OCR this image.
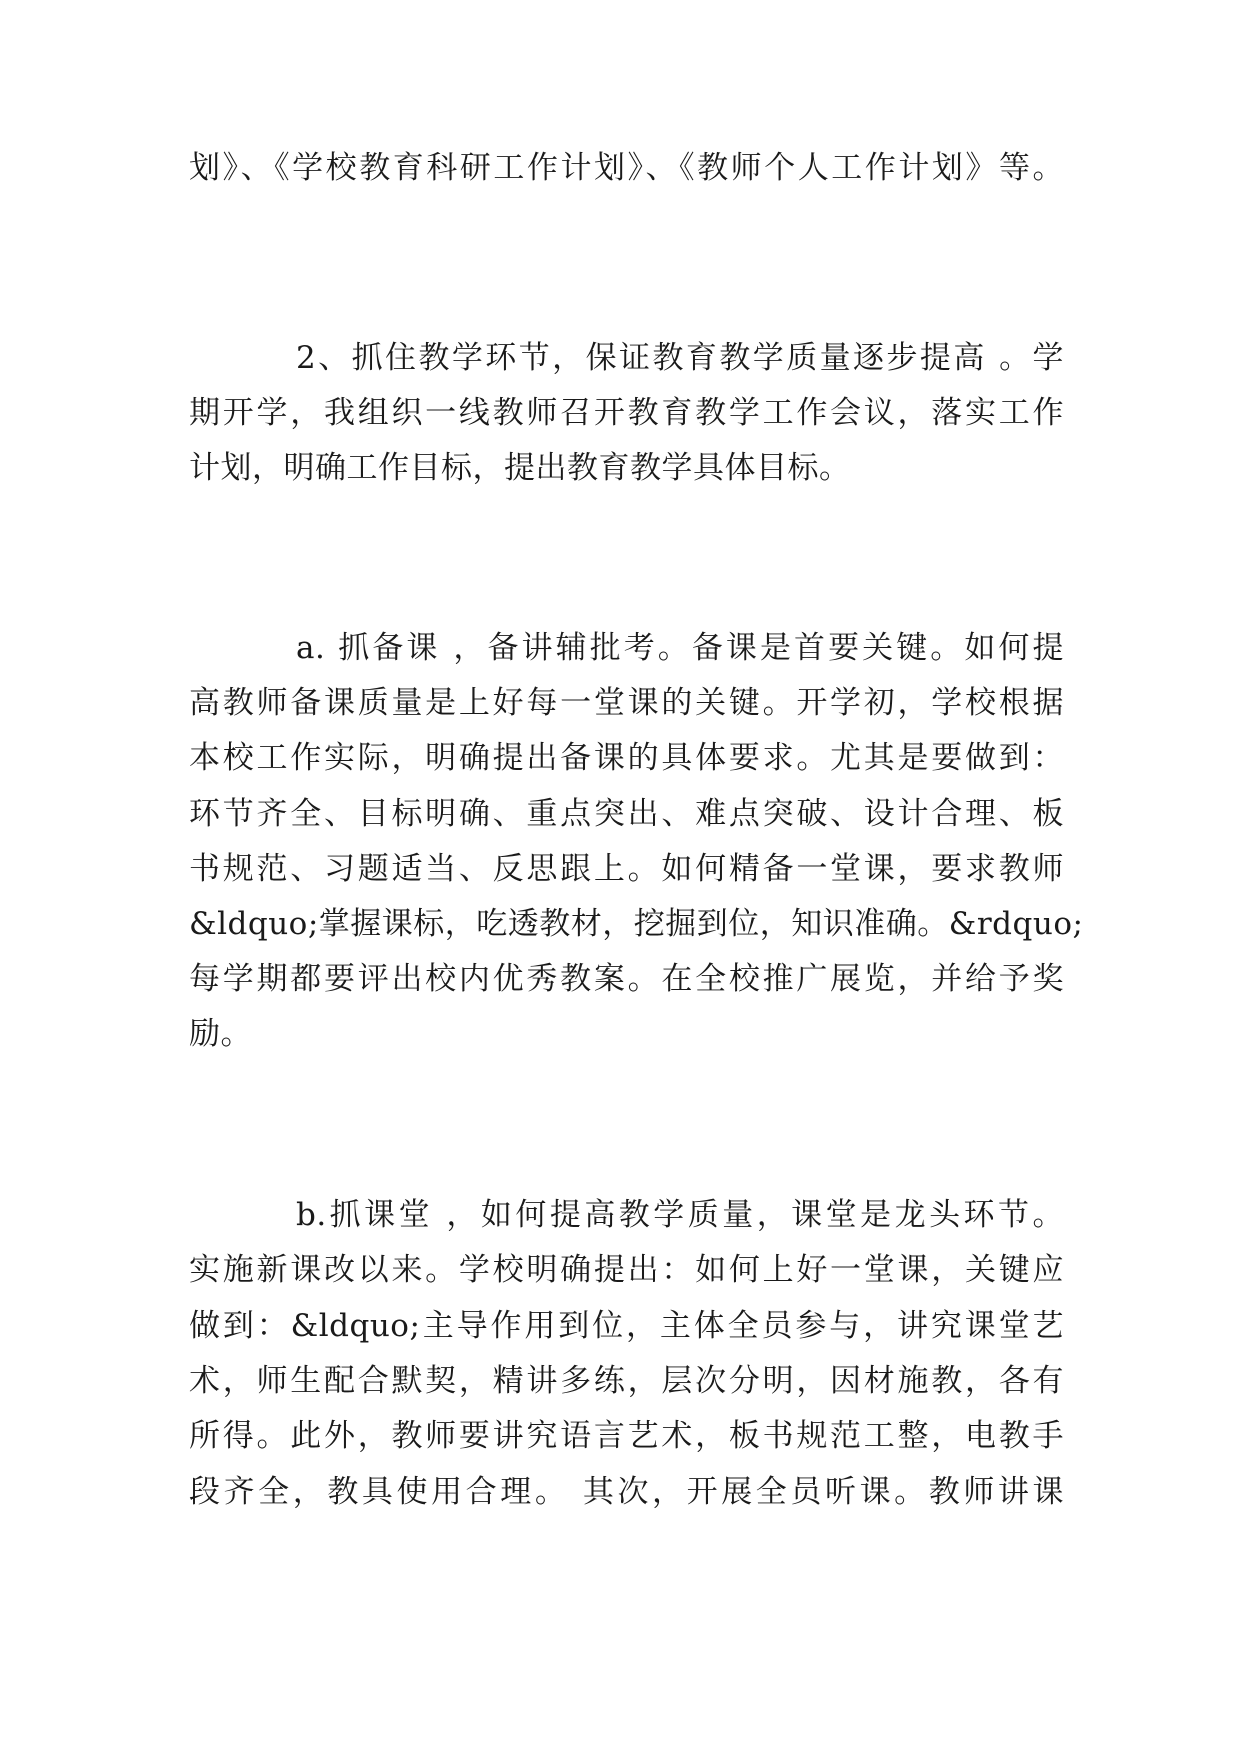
划》、《学校教育科研工作计划》、《教师个人工作计划》等。
2、抓住教学环节，保证教育教学质量逐步提高 。学
期开学，我组织一线教师召开教育教学工作会议，落实工作
计划，明确工作目标，提出教育教学具体目标。
a. 抓备课 ，备讲辅批考。备课是首要关键。如何提
高教师备课质量是上好每一堂课的关键。开学初，学校根据
本校工作实际，明确提出备课的具体要求。尤其是要做到：
环节齐全、目标明确、重点突出、难点突破、设计合理、板
书规范、习题适当、反思跟上。如何精备一堂课，要求教师
&ldquo;掌握课标，吃透教材，挖掘到位，知识准确。&rdquo;
每学期都要评出校内优秀教案。在全校推广展览，并给予奖
励。
b.抓课堂 ，如何提高教学质量，课堂是龙头环节。
实施新课改以来。学校明确提出：如何上好一堂课，关键应
做到：&ldquo;主导作用到位，主体全员参与，讲究课堂艺
术，师生配合默契，精讲多练，层次分明，因材施教，各有
所得。此外，教师要讲究语言艺术，板书规范工整，电教手
段齐全，教具使用合理。 其次，开展全员听课。教师讲课
